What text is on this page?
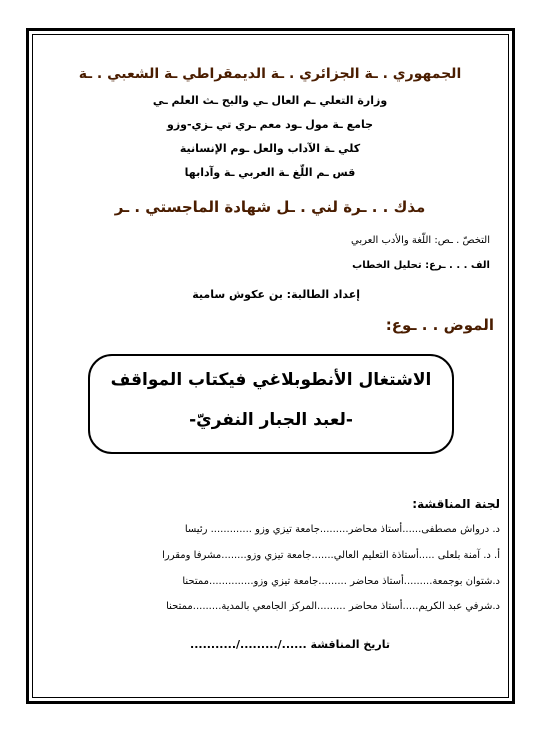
الجمهوري . ـة الجزائري . ـة الديمقراطي ـة الشعبي . ـة
وزارة التعلي ـم العال ـي والبح ـث العلم ـي
جامع ـة مول ـود معم ـري تي ـزي-وزو
كلي ـة الآداب والعل ـوم الإنسانية
قس ـم اللّغ ـة العربي ـة وآدابها
مذك . . ـرة لني . ـل شهادة الماجستي . ـر
التخصّ . ـص: اللّغة والأدب العربي
الف . . . ـرع: تحليل الخطاب
إعداد الطالبة: بن عكوش سامية
الموض . . ـوع:
الاشتغال الأنطوبلاغي فيكتاب المواقف
-لعبد الجبار النفريّ-
لجنة المناقشة:
د. درواش مصطفى......أستاذ محاضر.........جامعة تيزي وزو ............. رئيسا
أ. د. آمنة بلعلى .....أستاذة التعليم العالي.......جامعة تيزي وزو........مشرفا ومقررا
د.شتوان بوجمعة.........أستاذ محاضر .........جامعة تيزي وزو..............ممتحنا
د.شرفي عبد الكريم.....أستاذ محاضر .........المركز الجامعي بالمدية.........ممتحنا
تاريخ المناقشة ....../........./...........
